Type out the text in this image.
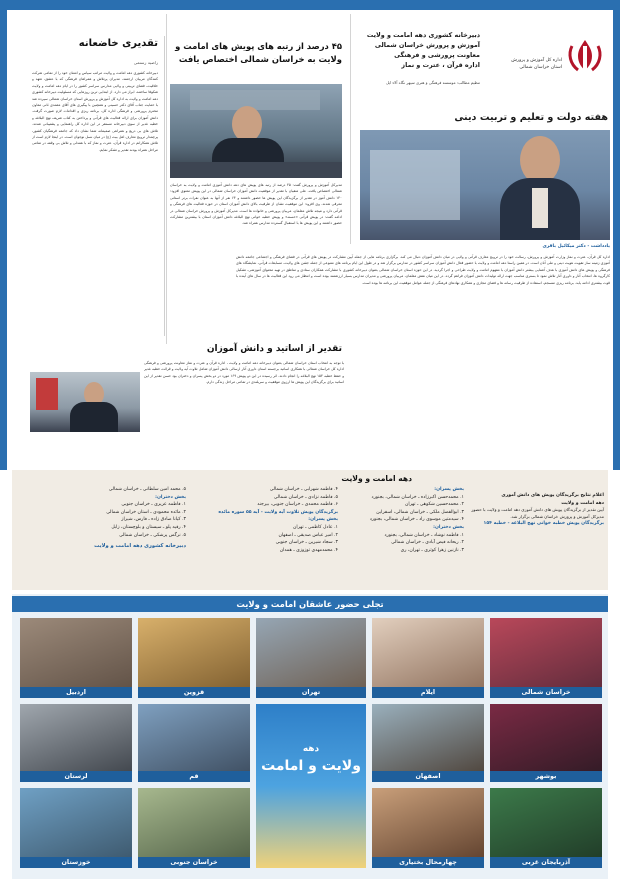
اداره کل آموزش و پرورش
استان خراسان شمالی
دبیرخانه کشوری دهه امامت و ولایت
آموزش و پرورش خراسان شمالی
معاونت پرورشی و فرهنگی
اداره قرآن ، عترت و نماز
تنظیم مطالب: موسسه فرهنگی و هنری سپهر نگاه آلاء ایل
هفته دولت و تعلیم و تربیت دینی
یادداشت - دکتر میکائیل باقری
اداره کل قرآن، عترت و نماز وزارت آموزش و پرورش، رسالت خود را در ترویج معارف قرآنی و ولایی در میان دانش آموزان دنبال می کند. برگزاری برنامه هایی از جمله آیین مشارکت در پویش های قرآنی در فضای فرهنگی و اجتماعی جامعه دانش آموزی زمینه ساز تقویت هویت دینی و ملی آنان است. در همین راستا دهه امامت و ولایت با حضور فعال دانش آموزان سراسر کشور در مدارس برگزار شد و در طول این ایام برنامه های متنوعی از جمله جشن های ولایت، مسابقات قرآنی، نمایشگاه های فرهنگی و پویش های دانش آموزی با هدف آشنایی بیشتر دانش آموزان با مفهوم امامت و ولایت طراحی و اجرا گردید. در این حوزه استان خراسان شمالی بعنوان دبیرخانه کشوری با مشارکت همکاران ستادی و مناطق در تهیه محتوای آموزشی، تشکیل کارگروه ها، انتخاب آثار و داوری آثار تلاش نمود تا بستری مناسب جهت ارائه تولیدات دانش آموزان فراهم گردد. در این میان نقش معلمان، مربیان پرورشی و مدیران مدارس بسیار ارزشمند بوده است و انتظار می رود این فعالیت ها در سال های آینده با قوت بیشتری ادامه یابد. برنامه ریزی منسجم، استفاده از ظرفیت رسانه ها و فضای مجازی و همکاری نهادهای فرهنگی از جمله عوامل موفقیت این برنامه ها بوده است.
۴۵ درصد از رتبه های پویش های امامت و ولایت به خراسان شمالی اختصاص یافت
مدیرکل آموزش و پرورش گفت: ۴۵ درصد از رتبه های پویش های دهه دانش آموزی امامت و ولایت به خراسان شمالی اختصاص یافت. علی متقیان با تقدیر از موفقیت دانش آموزان خراسان شمالی در این پویش معنوی افزود: ۱۴۰ دانش آموز در تقدیر از برگزیدگان این پویش ها حضور داشتند و ۶۳ نفر از آنها به عنوان نفرات برتر استانی معرفی شدند. وی افزود: این موفقیت نشان از ظرفیت بالای دانش آموزان استان در حوزه فعالیت های فرهنگی و قرآنی دارد و نتیجه تلاش معلمان، مربیان پرورشی و خانواده ها است. مدیرکل آموزش و پرورش خراسان شمالی در ادامه گفت: در پویش قرآنی «حسنه» و پویش خطبه خوانی نهج البلاغه دانش آموزان استان با بیشترین مشارکت حضور داشتند و این پویش ها با استقبال گسترده مدارس همراه شد.
تقدیر از اساتید و دانش آموزان
با توجه به انتخاب استان خراسان شمالی بعنوان دبیرخانه دهه امامت و ولایت ، اداره قرآن و عترت و نماز معاونت پرورشی و فرهنگی اداره کل خراسان شمالی با همکاری اساتید برجسته استان داوری آثار ارسالی دانش آموزان شامل تلاوت آیه ولایت و قرائت خطبه غدیر و حفظ خطبه ۱۵۴ نهج البلاغه را انجام دادند. اثر رسیده در این دو پویش ۱۶۹ مورد در دو بخش پسران و دختران بود حسن تقدیر از این اساتید برای برگزیدگان این پویش ها ارزوی موفقیت و سربلندی در تمامی مراحل زندگی دارم.
تقدیری خاضعانه
راضیه رستمی
دبیرخانه کشوری دهه امامت و ولایت مراتب سپاس و امتنان خود را از تمامی شرکت کنندگان مربیان ارجمند، مدیران پرتلاش و همراهان فرهنگی که با عشق، تعهد و خلاقیت، فضای تربیتی و ولایی مدارس سراسر کشور را در ایام دهه امامت و ولایت شکوفا ساختند، ابراز می دارد. از ابتدایی ترین روزهایی که مسئولیت دبیرخانه کشوری دهه امامت و ولایت به اداره کل آموزش و پرورش استان خراسان شمالی سپرده شد با حمایت جناب آقای دکتر حسینی و همچنین با پیگیری های آقای معمدی ثانی معاون محترم پرورشی و فرهنگی اداره کل، برنامه ریزی و اقدامات لازم صورت گرفت. دانش آموزان برای ارائه فعالیت های قرآنی و پرداختن به کتاب شریف نهج البلاغه و خطبه غدیر از سوی دبیرخانه مستقر در این اداره کل راهنمایی و پشتیبانی شدند. تلاش های بی دریغ و همراهی صمیمانه شما نشان داد که جامعه فرهنگیان کشور، پرچمدار ترویج معارف اهل بیت (ع) در میان نسل نوجوان است. در اینجا لازم است از تلاش همکارانم در اداره قرآن، عترت و نماز که با همدلی و تلاش بی وقفه در تمامی مراحل همراه بودند تقدیر و تشکر نمایم.
دهه امامت و ولایت
اعلام نتایج برگزیدگان پویش های دانش آموزی
دهه امامت و ولایت
آیین تقدیر از برگزیدگان پویش های دانش آموزی دهه امامت و ولایت با حضور مدیرکل آموزش و پرورش خراسان شمالی برگزار شد.
برگزیدگان پویش خطبه خوانی نهج البلاغه - خطبه ۱۵۴
بخش پسران:
۱. محمدحسن اکبرزاده ـ خراسان شمالی، بجنورد
۲. محمدحسین شکوهی ـ تهران
۳. ابوالفضل ملکی ـ خراسان شمالی، اسفراین
۴. سیدمتین موسوی راد ـ خراسان شمالی، بجنورد
بخش دختران:
۱. فاطمه نوشاد ـ خراسان شمالی، بجنورد
۲. ریحانه فیض آبادی ـ خراسان شمالی
۳. نازنین زهرا کوثری ـ تهران، ری
۴. فاطمه شهرابی ـ خراسان شمالی
۵. فاطمه نژادی ـ خراسان شمالی
۶. فاطمه محمدی ـ خراسان جنوبی، بیرجند
برگزیدگان پویش تلاوت آیه ولایت - آیه ۵۵ سوره مائده
بخش پسران:
۱. عادل کاظمی ـ تهران
۲. امیر عباس صدیقی ـ اصفهان
۳. سجاد شیرین ـ خراسان جنوبی
۴. محمدمهدی توزوزی ـ همدان
۵. محمد امین سلطانی ـ خراسان شمالی
بخش دختران:
۱. فاطمه عزیزی ـ خراسان جنوبی
۲. مائده محمودی ـ استان خراسان شمالی
۳. کیانا صادق زاده ـ فارس، شیراز
۴. رقیه پلو ـ سیستان و بلوچستان، زابل
۵. نرگس پرشکی ـ خراسان شمالی
دبیرخانه کشوری دهه امامت و ولایت
تجلی حضور عاشقان امامت و ولایت
اردبیل	قزوین	تهران	ایلام	خراسان شمالی
لرستان	قم
دهه
ولایت و امامت
اصفهان	بوشهر
خوزستان	خراسان جنوبی	چهارمحال بختیاری	آذربایجان غربی
